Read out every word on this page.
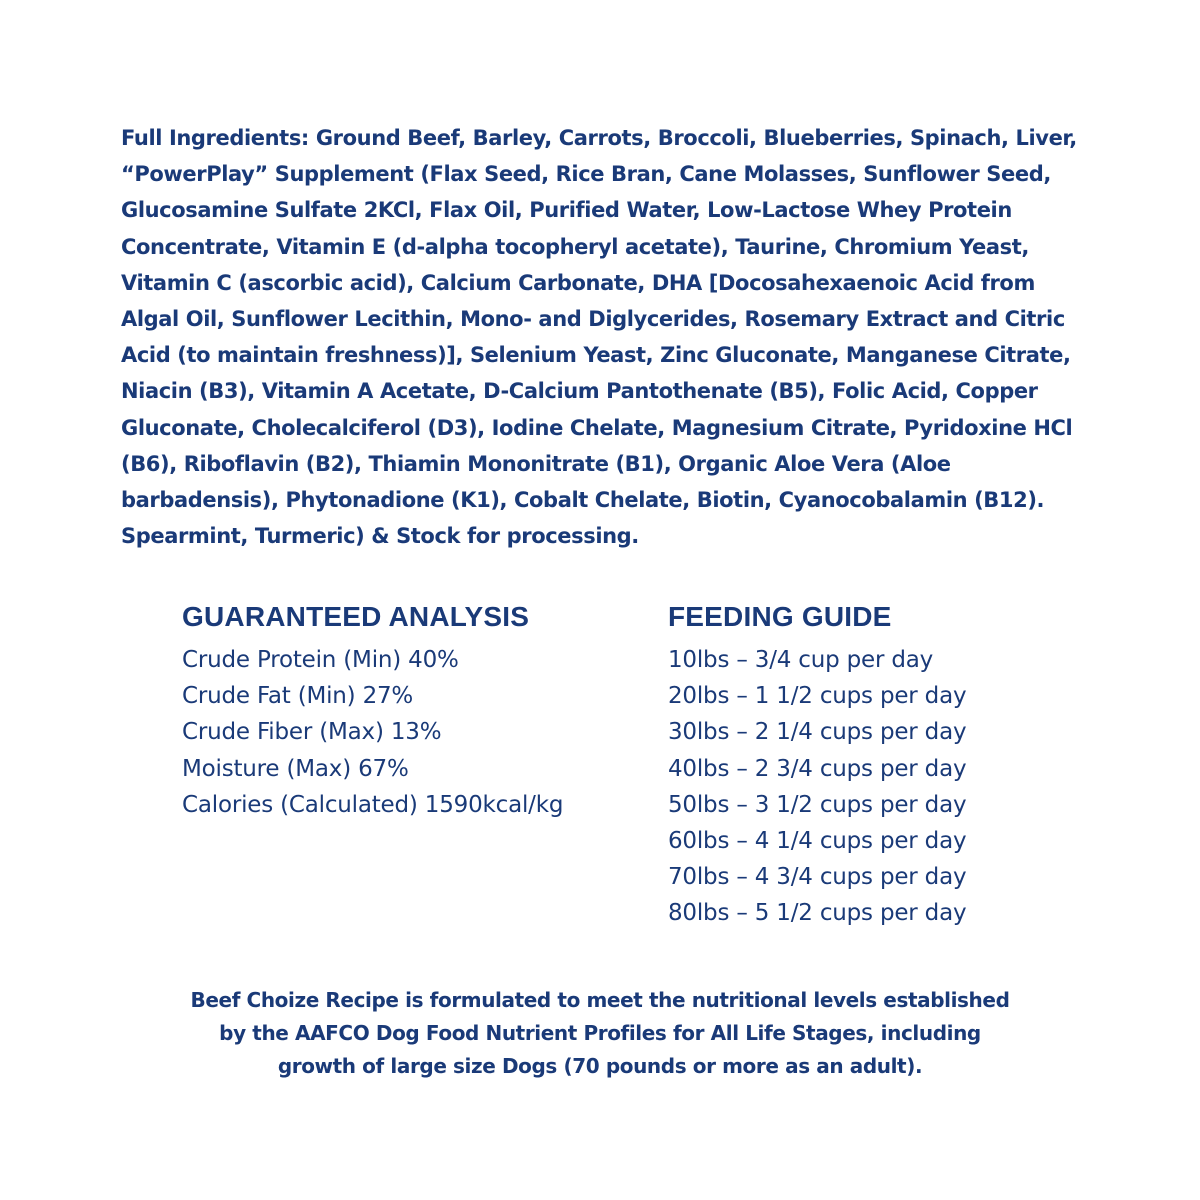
Full Ingredients: Ground Beef, Barley, Carrots, Broccoli, Blueberries, Spinach, Liver, “PowerPlay” Supplement (Flax Seed, Rice Bran, Cane Molasses, Sunflower Seed, Glucosamine Sulfate 2KCl, Flax Oil, Purified Water, Low-Lactose Whey Protein Concentrate, Vitamin E (d-alpha tocopheryl acetate), Taurine, Chromium Yeast, Vitamin C (ascorbic acid), Calcium Carbonate, DHA [Docosahexaenoic Acid from Algal Oil, Sunflower Lecithin, Mono- and Diglycerides, Rosemary Extract and Citric Acid (to maintain freshness)], Selenium Yeast, Zinc Gluconate, Manganese Citrate, Niacin (B3), Vitamin A Acetate, D-Calcium Pantothenate (B5), Folic Acid, Copper Gluconate, Cholecalciferol (D3), Iodine Chelate, Magnesium Citrate, Pyridoxine HCl (B6), Riboflavin (B2), Thiamin Mononitrate (B1), Organic Aloe Vera (Aloe barbadensis), Phytonadione (K1), Cobalt Chelate, Biotin, Cyanocobalamin (B12). Spearmint, Turmeric) & Stock for processing.

GUARANTEED ANALYSIS
Crude Protein (Min) 40%
Crude Fat (Min) 27%
Crude Fiber (Max) 13%
Moisture (Max) 67%
Calories (Calculated) 1590kcal/kg
FEEDING GUIDE
10lbs – 3/4 cup per day
20lbs – 1 1/2 cups per day
30lbs – 2 1/4 cups per day
40lbs – 2 3/4 cups per day
50lbs – 3 1/2 cups per day
60lbs – 4 1/4 cups per day
70lbs – 4 3/4 cups per day
80lbs – 5 1/2 cups per day
Beef Choize Recipe is formulated to meet the nutritional levels established
by the AAFCO Dog Food Nutrient Profiles for All Life Stages, including
growth of large size Dogs (70 pounds or more as an adult).
